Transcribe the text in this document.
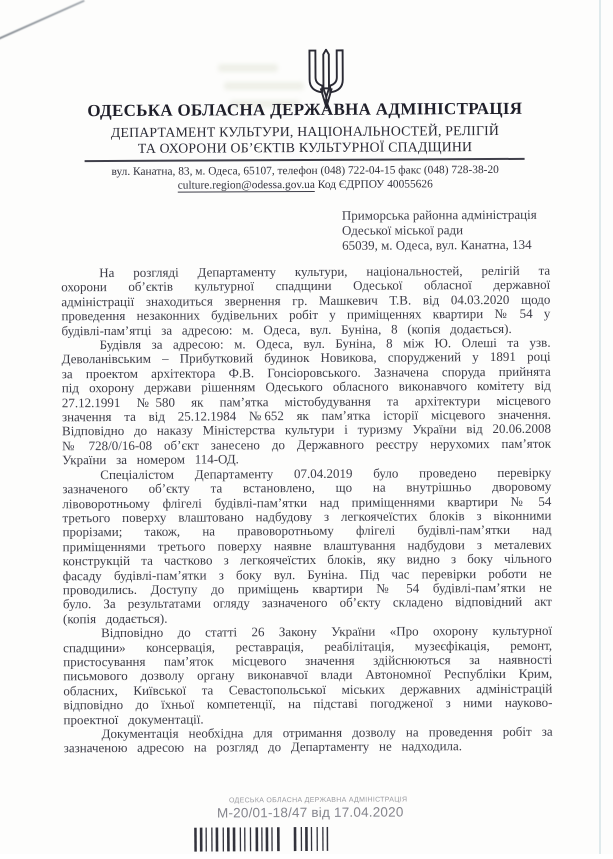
ОДЕСЬКА ОБЛАСНА ДЕРЖАВНА АДМІНІСТРАЦІЯ
ДЕПАРТАМЕНТ КУЛЬТУРИ, НАЦІОНАЛЬНОСТЕЙ, РЕЛІГІЙ
ТА ОХОРОНИ ОБ’ЄКТІВ КУЛЬТУРНОЇ СПАДЩИНИ
вул. Канатна, 83, м. Одеса, 65107, телефон (048) 722-04-15 факс (048) 728-38-20
culture.region@odessa.gov.ua Код ЄДРПОУ 40055626
Приморська районна адміністрація
Одеської міської ради
65039, м. Одеса, вул. Канатна, 134

На розгляді Департаменту культури, національностей, релігій та охорони об’єктів культурної спадщини Одеської обласної державної адміністрації знаходиться звернення гр. Машкевич Т.В. від 04.03.2020 щодо проведення незаконних будівельних робіт у приміщеннях квартири № 54 у будівлі-пам’ятці за адресою: м. Одеса, вул. Буніна, 8 (копія додається).

Будівля за адресою: м. Одеса, вул. Буніна, 8 між Ю. Олеші та узв. Деволанівським – Прибутковий будинок Новикова, споруджений у 1891 році за проектом архітектора Ф.В. Гонсіоровського. Зазначена споруда прийнята під охорону держави рішенням Одеського обласного виконавчого комітету від 27.12.1991 №580 як пам’ятка містобудування та архітектури місцевого значення та від 25.12.1984 №652 як пам’ятка історії місцевого значення. Відповідно до наказу Міністерства культури і туризму України від 20.06.2008 № 728/0/16-08 об’єкт занесено до Державного реєстру нерухомих пам’яток України за номером 114-ОД.

Спеціалістом Департаменту 07.04.2019 було проведено перевірку зазначеного об’єкту та встановлено, що на внутрішньо дворовому лівоворотньому флігелі будівлі-пам’ятки над приміщеннями квартири № 54 третього поверху влаштовано надбудову з легкоячеїстих блоків з віконними прорізами; також, на правоворотньому флігелі будівлі-пам’ятки над приміщеннями третього поверху наявне влаштування надбудови з металевих конструкцій та частково з легкоячеїстих блоків, яку видно з боку чільного фасаду будівлі-пам’ятки з боку вул. Буніна. Під час перевірки роботи не проводились. Доступу до приміщень квартири № 54 будівлі-пам’ятки не було. За результатами огляду зазначеного об’єкту складено відповідний акт (копія додається).

Відповідно до статті 26 Закону України «Про охорону культурної спадщини» консервація, реставрація, реабілітація, музеєфікація, ремонт, пристосування пам’яток місцевого значення здійснюються за наявності письмового дозволу органу виконавчої влади Автономної Республіки Крим, обласних, Київської та Севастопольської міських державних адміністрацій відповідно до їхньої компетенції, на підставі погодженої з ними науково-проектної документації.

Документація необхідна для отримання дозволу на проведення робіт за зазначеною адресою на розгляд до Департаменту не надходила.

ОДЕСЬКА ОБЛАСНА ДЕРЖАВНА АДМІНІСТРАЦІЯ
М-20/01-18/47 від 17.04.2020
